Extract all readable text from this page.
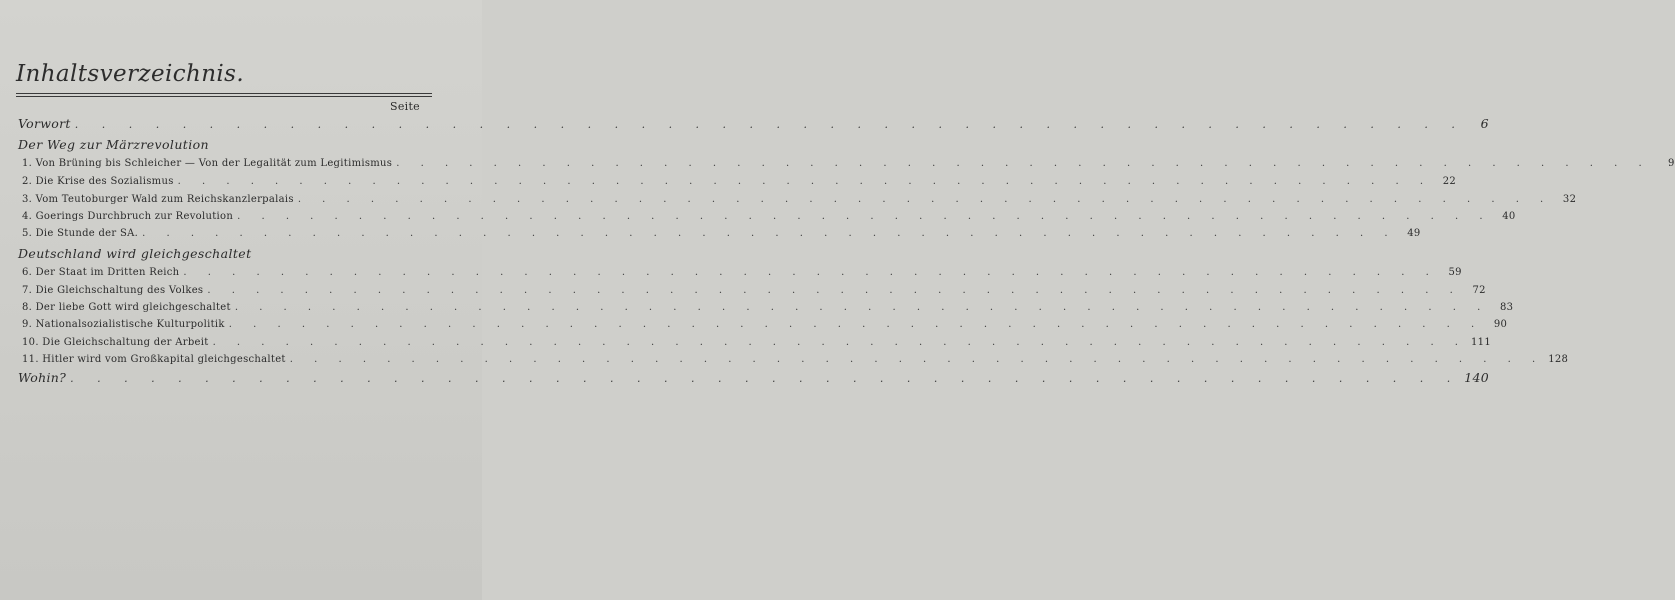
Inhaltsverzeichnis.
Seite
Vorwort . . . . . . . . . . . . . . . . . . . . . . . . . . . . . . . . . . . . . . . . . . . . . . . . . . . .	6
Der Weg zur Märzrevolution
1. Von Brüning bis Schleicher — Von der Legalität zum Legitimismus . . . . . . . . . . . . . . . . . . . . . . . . . . . . . . . . . . . . . . . . . . . . . . . . . . . .	9
2. Die Krise des Sozialismus . . . . . . . . . . . . . . . . . . . . . . . . . . . . . . . . . . . . . . . . . . . . . . . . . . . .	22
3. Vom Teutoburger Wald zum Reichskanzlerpalais . . . . . . . . . . . . . . . . . . . . . . . . . . . . . . . . . . . . . . . . . . . . . . . . . . . .	32
4. Goerings Durchbruch zur Revolution . . . . . . . . . . . . . . . . . . . . . . . . . . . . . . . . . . . . . . . . . . . . . . . . . . . .	40
5. Die Stunde der SA. . . . . . . . . . . . . . . . . . . . . . . . . . . . . . . . . . . . . . . . . . . . . . . . . . . . .	49
Deutschland wird gleichgeschaltet
6. Der Staat im Dritten Reich . . . . . . . . . . . . . . . . . . . . . . . . . . . . . . . . . . . . . . . . . . . . . . . . . . . .	59
7. Die Gleichschaltung des Volkes . . . . . . . . . . . . . . . . . . . . . . . . . . . . . . . . . . . . . . . . . . . . . . . . . . . .	72
8. Der liebe Gott wird gleichgeschaltet . . . . . . . . . . . . . . . . . . . . . . . . . . . . . . . . . . . . . . . . . . . . . . . . . . . .	83
9. Nationalsozialistische Kulturpolitik . . . . . . . . . . . . . . . . . . . . . . . . . . . . . . . . . . . . . . . . . . . . . . . . . . . .	90
10. Die Gleichschaltung der Arbeit . . . . . . . . . . . . . . . . . . . . . . . . . . . . . . . . . . . . . . . . . . . . . . . . . . . . 111
11. Hitler wird vom Großkapital gleichgeschaltet . . . . . . . . . . . . . . . . . . . . . . . . . . . . . . . . . . . . . . . . . . . . . . . . . . . . 128
Wohin? . . . . . . . . . . . . . . . . . . . . . . . . . . . . . . . . . . . . . . . . . . . . . . . . . . . . 140
